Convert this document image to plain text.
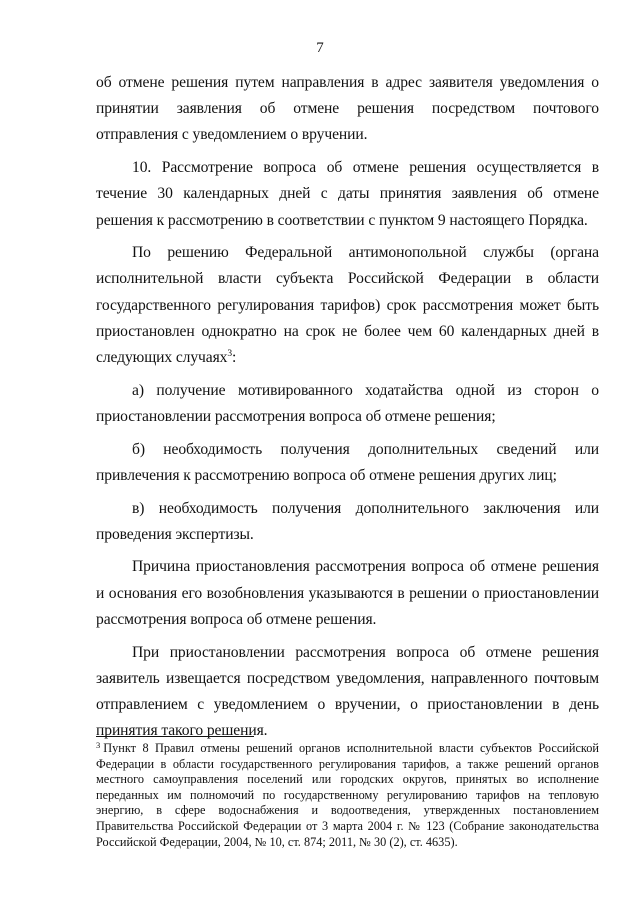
7

об отмене решения путем направления в адрес заявителя уведомления о принятии заявления об отмене решения посредством почтового отправления с уведомлением о вручении.

10. Рассмотрение вопроса об отмене решения осуществляется в течение 30 календарных дней с даты принятия заявления об отмене решения к рассмотрению в соответствии с пунктом 9 настоящего Порядка.

По решению Федеральной антимонопольной службы (органа исполнительной власти субъекта Российской Федерации в области государственного регулирования тарифов) срок рассмотрения может быть приостановлен однократно на срок не более чем 60 календарных дней в следующих случаях$^3$:

а) получение мотивированного ходатайства одной из сторон о приостановлении рассмотрения вопроса об отмене решения;

б) необходимость получения дополнительных сведений или привлечения к рассмотрению вопроса об отмене решения других лиц;

в) необходимость получения дополнительного заключения или проведения экспертизы.

Причина приостановления рассмотрения вопроса об отмене решения и основания его возобновления указываются в решении о приостановлении рассмотрения вопроса об отмене решения.

При приостановлении рассмотрения вопроса об отмене решения заявитель извещается посредством уведомления, направленного почтовым отправлением с уведомлением о вручении, о приостановлении в день принятия такого решения.

$^3$ Пункт 8 Правил отмены решений органов исполнительной власти субъектов Российской Федерации в области государственного регулирования тарифов, а также решений органов местного самоуправления поселений или городских округов, принятых во исполнение переданных им полномочий по государственному регулированию тарифов на тепловую энергию, в сфере водоснабжения и водоотведения, утвержденных постановлением Правительства Российской Федерации от 3 марта 2004 г. № 123 (Собрание законодательства Российской Федерации, 2004, № 10, ст. 874; 2011, № 30 (2), ст. 4635).
